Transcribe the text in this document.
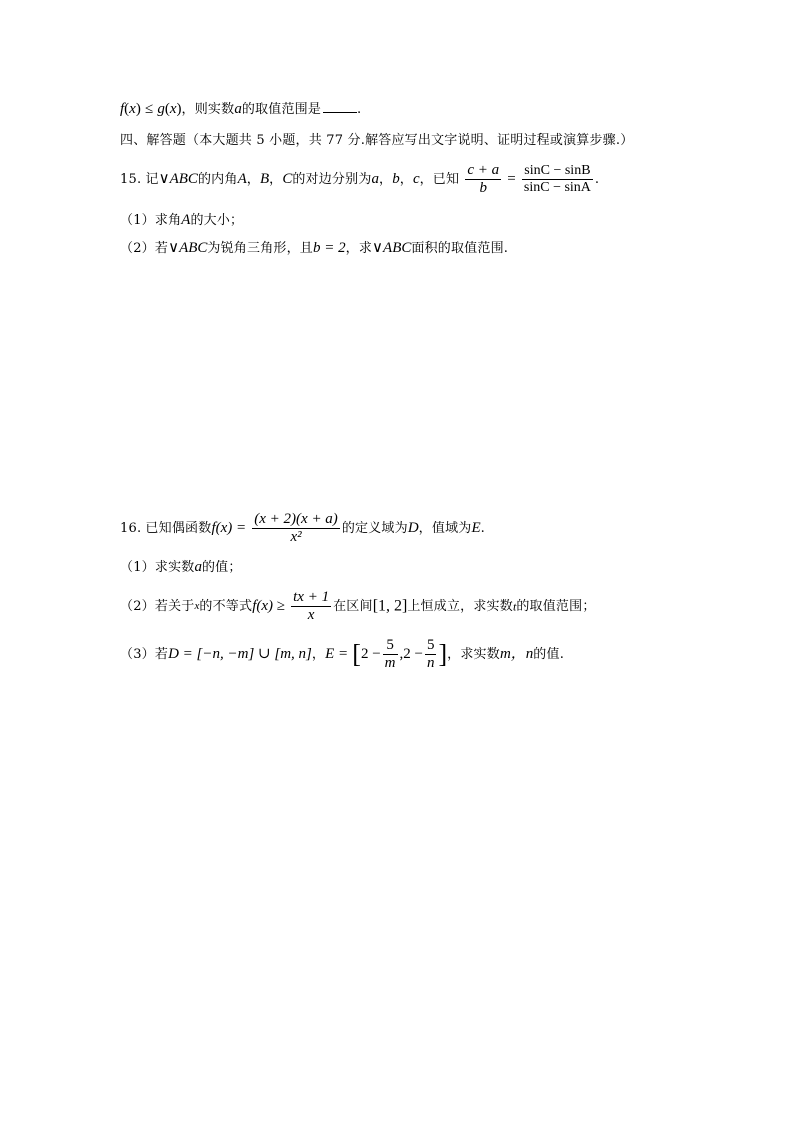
f(x) ≤ g(x)，则实数a的取值范围是	.
四、解答题（本大题共 5 小题，共 77 分.解答应写出文字说明、证明过程或演算步骤.）
15. 记∨ABC的内角A，B，C的对边分别为a，b，c，已知 $\frac{c + a}{b} = \frac{\sin C - \sin B}{\sin C - \sin A}$ .
（1）求角A的大小；
（2）若∨ABC为锐角三角形，且b = 2，求∨ABC面积的取值范围.
16. 已知偶函数$f(x) = \frac{(x + 2)(x + a)}{\text{x²}}$ 的定义域为D，值域为E.
（1）求实数a的值；
（2）若关于x的不等式$f(x) \ge \frac{tx + 1}{x}$ 在区间[1, 2]上恒成立，求实数t的取值范围；
（3）若D = [−n, −m] ∪ [m, n]，$E = [2 - \frac{5}{m} ,2 - \frac{5}{n}$ ]，求实数m，n的值.
